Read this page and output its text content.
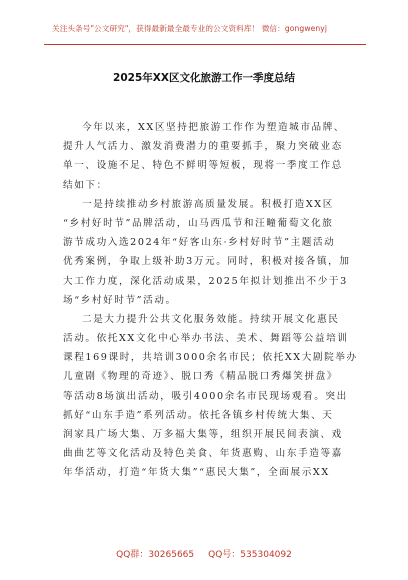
关注头条号"公文研究"，获得最新最全最专业的公文资料库！ 微信：gongwenyj
2025年XX区文化旅游工作一季度总结
今年以来，XX区坚持把旅游工作作为塑造城市品牌、
提升人气活力、激发消费潜力的重要抓手，聚力突破业态
单一、设施不足、特色不鲜明等短板，现将一季度工作总
结如下：
一是持续推动乡村旅游高质量发展。积极打造XX区
“乡村好时节”品牌活动，山马西瓜节和汪疃葡萄文化旅
游节成功入选2024年“好客山东·乡村好时节”主题活动
优秀案例，争取上级补助3万元。同时，积极对接各镇，加
大工作力度，深化活动成果，2025年拟计划推出不少于3
场“乡村好时节”活动。
二是大力提升公共文化服务效能。持续开展文化惠民
活动。依托XX文化中心举办书法、美术、舞蹈等公益培训
课程169课时，共培训3000余名市民；依托XX大剧院举办
儿童剧《物理的奇迹》、脱口秀《精品脱口秀爆笑拼盘》
等活动8场演出活动，吸引4000余名市民现场观看。突出
抓好“山东手造”系列活动。依托各镇乡村传统大集、天
润家具广场大集、万多福大集等，组织开展民间表演、戏
曲曲艺等文化活动及特色美食、年货惠购、山东手造等嘉
年华活动，打造“年货大集”“惠民大集”，全面展示XX
QQ群：30265665 QQ号：535304092
